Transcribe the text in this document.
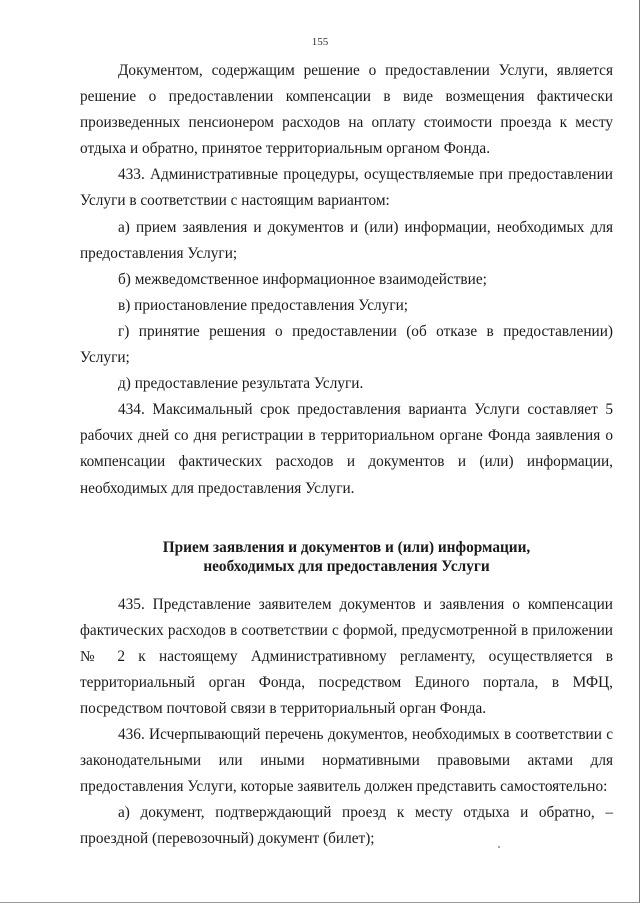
155

Документом, содержащим решение о предоставлении Услуги, является решение о предоставлении компенсации в виде возмещения фактически произведенных пенсионером расходов на оплату стоимости проезда к месту отдыха и обратно, принятое территориальным органом Фонда.

433. Административные процедуры, осуществляемые при предоставлении Услуги в соответствии с настоящим вариантом:

а) прием заявления и документов и (или) информации, необходимых для предоставления Услуги;

б) межведомственное информационное взаимодействие;

в) приостановление предоставления Услуги;

г) принятие решения о предоставлении (об отказе в предоставлении) Услуги;

д) предоставление результата Услуги.

434. Максимальный срок предоставления варианта Услуги составляет 5 рабочих дней со дня регистрации в территориальном органе Фонда заявления о компенсации фактических расходов и документов и (или) информации, необходимых для предоставления Услуги.

Прием заявления и документов и (или) информации,
необходимых для предоставления Услуги

435. Представление заявителем документов и заявления о компенсации фактических расходов в соответствии с формой, предусмотренной в приложении № 2 к настоящему Административному регламенту, осуществляется в территориальный орган Фонда, посредством Единого портала, в МФЦ, посредством почтовой связи в территориальный орган Фонда.

436. Исчерпывающий перечень документов, необходимых в соответствии с законодательными или иными нормативными правовыми актами для предоставления Услуги, которые заявитель должен представить самостоятельно:

а) документ, подтверждающий проезд к месту отдыха и обратно, – проездной (перевозочный) документ (билет);
